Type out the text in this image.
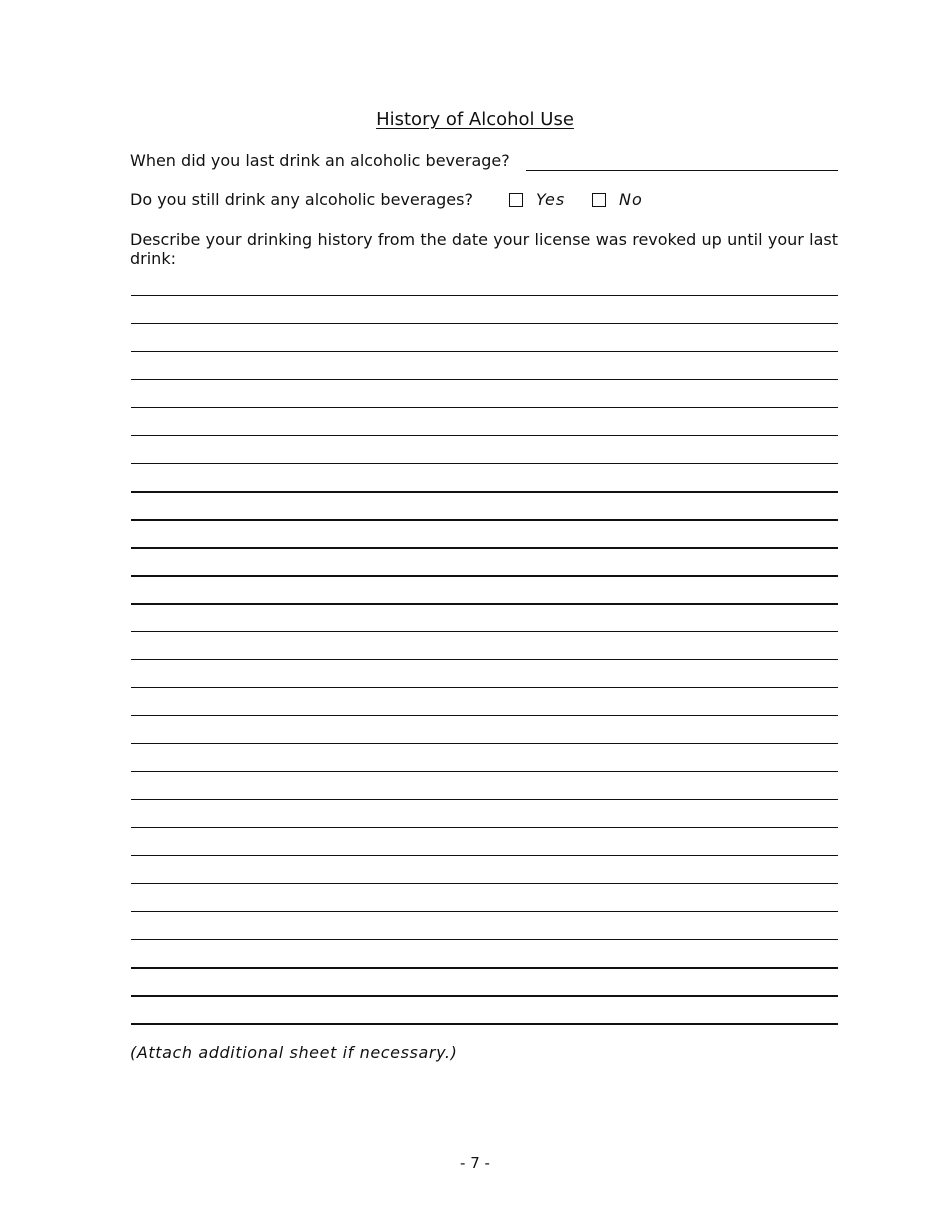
History of Alcohol Use
When did you last drink an alcoholic beverage?
Do you still drink any alcoholic beverages?	Yes	No
Describe your drinking history from the date your license was revoked up until your last drink:
(Attach additional sheet if necessary.)
- 7 -
